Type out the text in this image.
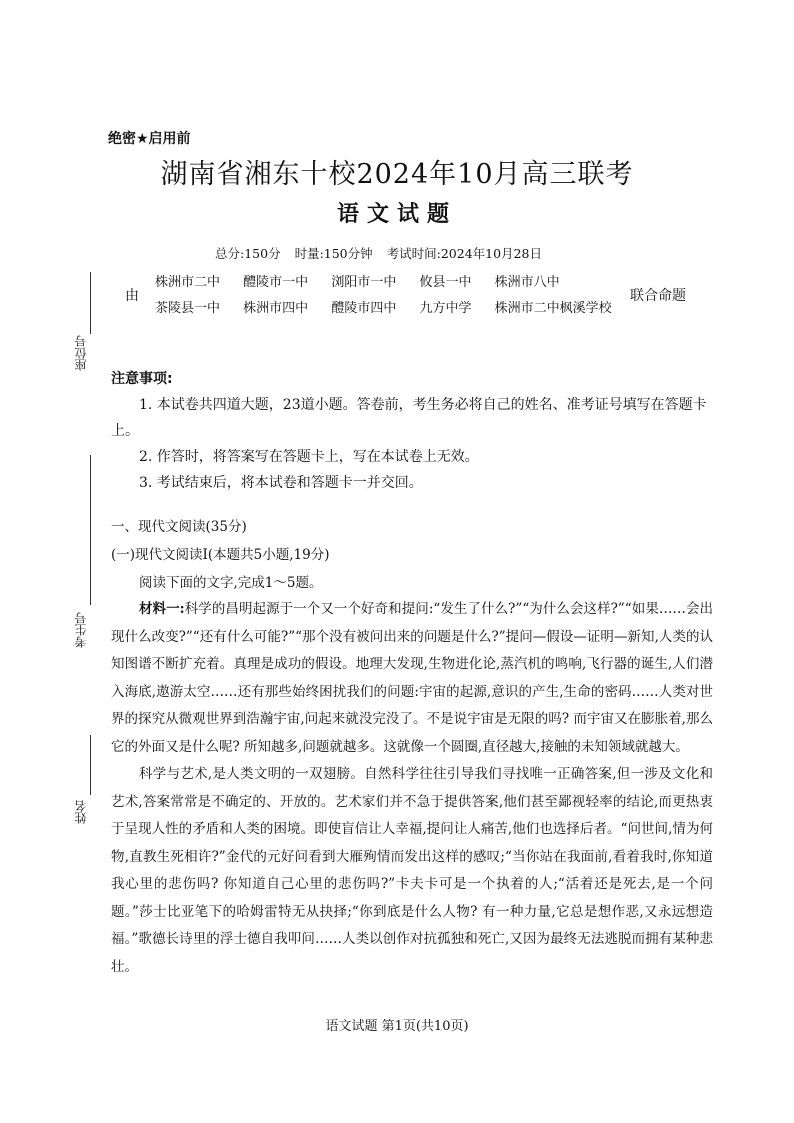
绝密★启用前
湖南省湘东十校2024年10月高三联考
语文试题
总分:150分 时量:150分钟 考试时间:2024年10月28日
由
株洲市二中 醴陵市一中 浏阳市一中 攸县一中 株洲市八中
茶陵县一中 株洲市四中 醴陵市四中 九方中学 株洲市二中枫溪学校
联合命题
座位号
考生号
姓名
注意事项:

1. 本试卷共四道大题，23道小题。答卷前，考生务必将自己的姓名、准考证号填写在答题卡上。

2. 作答时，将答案写在答题卡上，写在本试卷上无效。

3. 考试结束后，将本试卷和答题卡一并交回。

一、现代文阅读(35分)
(一)现代文阅读Ⅰ(本题共5小题,19分)
阅读下面的文字,完成1～5题。

材料一:科学的昌明起源于一个又一个好奇和提问:“发生了什么?”“为什么会这样?”“如果……会出现什么改变?”“还有什么可能?”“那个没有被问出来的问题是什么?”提问—假设—证明—新知,人类的认知图谱不断扩充着。真理是成功的假设。地理大发现,生物进化论,蒸汽机的鸣响,飞行器的诞生,人们潜入海底,遨游太空……还有那些始终困扰我们的问题:宇宙的起源,意识的产生,生命的密码……人类对世界的探究从微观世界到浩瀚宇宙,问起来就没完没了。不是说宇宙是无限的吗? 而宇宙又在膨胀着,那么它的外面又是什么呢? 所知越多,问题就越多。这就像一个圆圈,直径越大,接触的未知领域就越大。

科学与艺术,是人类文明的一双翅膀。自然科学往往引导我们寻找唯一正确答案,但一涉及文化和艺术,答案常常是不确定的、开放的。艺术家们并不急于提供答案,他们甚至鄙视轻率的结论,而更热衷于呈现人性的矛盾和人类的困境。即使盲信让人幸福,提问让人痛苦,他们也选择后者。“问世间,情为何物,直教生死相许?”金代的元好问看到大雁殉情而发出这样的感叹;“当你站在我面前,看着我时,你知道我心里的悲伤吗? 你知道自己心里的悲伤吗?”卡夫卡可是一个执着的人;“活着还是死去,是一个问题。”莎士比亚笔下的哈姆雷特无从抉择;“你到底是什么人物? 有一种力量,它总是想作恶,又永远想造福。”歌德长诗里的浮士德自我叩问……人类以创作对抗孤独和死亡,又因为最终无法逃脱而拥有某种悲壮。

语文试题 第1页(共10页)
